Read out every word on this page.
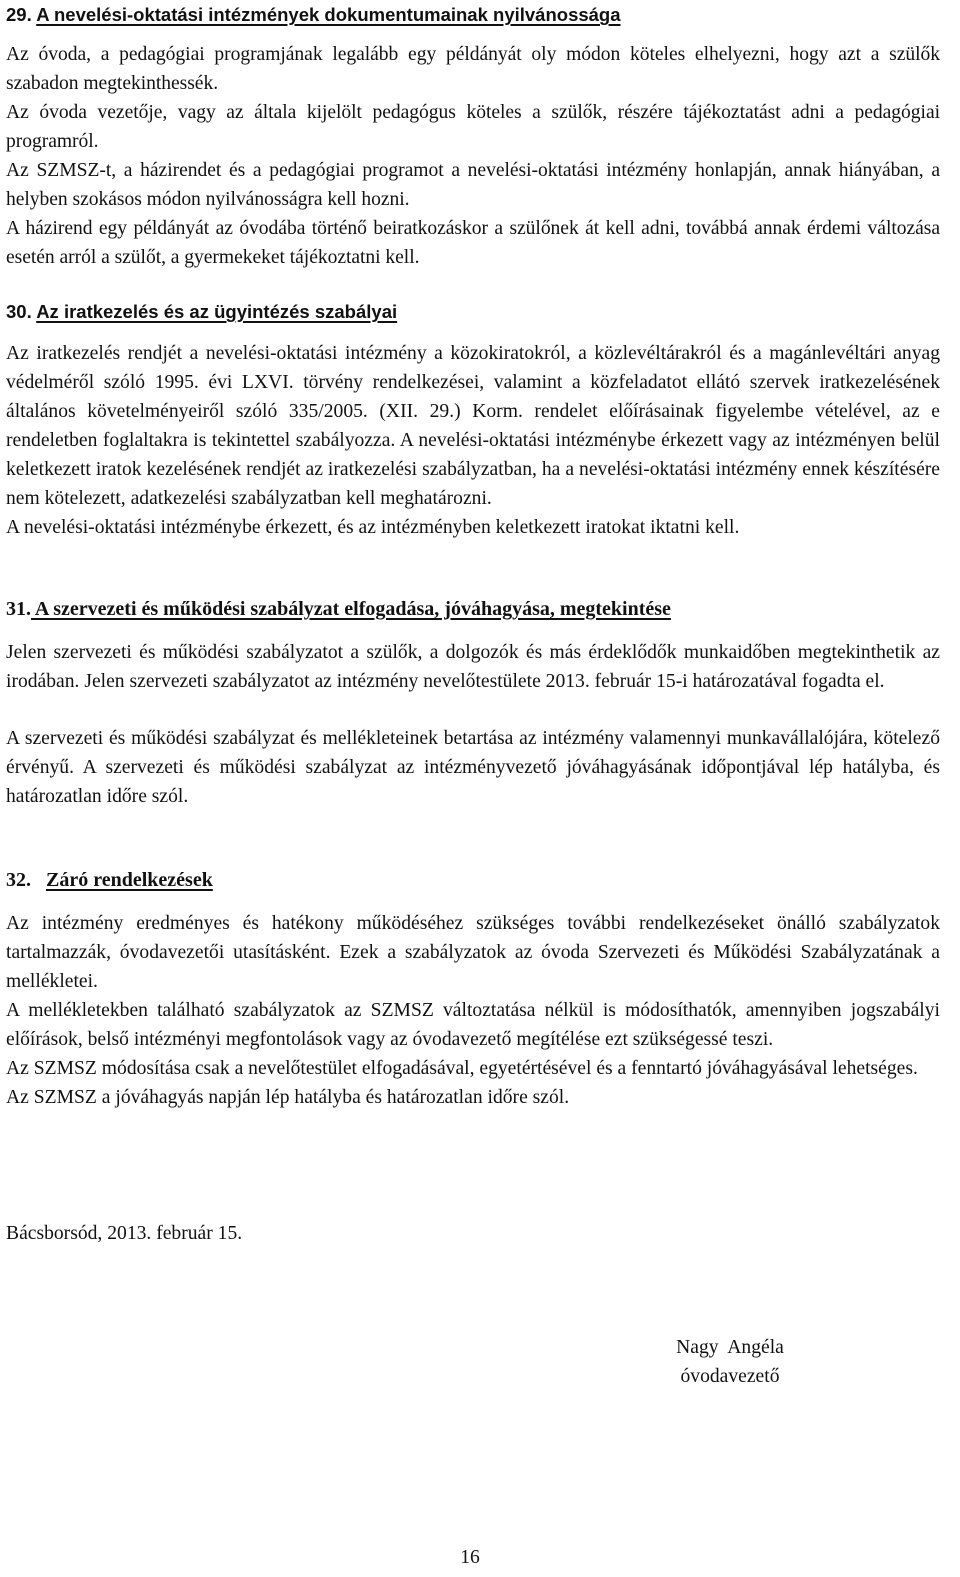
29. A nevelési-oktatási intézmények dokumentumainak nyilvánossága

Az óvoda, a pedagógiai programjának legalább egy példányát oly módon köteles elhelyezni, hogy azt a szülők szabadon megtekinthessék.

Az óvoda vezetője, vagy az általa kijelölt pedagógus köteles a szülők, részére tájékoztatást adni a pedagógiai programról.

Az SZMSZ-t, a házirendet és a pedagógiai programot a nevelési-oktatási intézmény honlapján, annak hiányában, a helyben szokásos módon nyilvánosságra kell hozni.

A házirend egy példányát az óvodába történő beiratkozáskor a szülőnek át kell adni, továbbá annak érdemi változása esetén arról a szülőt, a gyermekeket tájékoztatni kell.

30. Az iratkezelés és az ügyintézés szabályai

Az iratkezelés rendjét a nevelési-oktatási intézmény a közokiratokról, a közlevéltárakról és a magánlevéltári anyag védelméről szóló 1995. évi LXVI. törvény rendelkezései, valamint a közfeladatot ellátó szervek iratkezelésének általános követelményeiről szóló 335/2005. (XII. 29.) Korm. rendelet előírásainak figyelembe vételével, az e rendeletben foglaltakra is tekintettel szabályozza. A nevelési-oktatási intézménybe érkezett vagy az intézményen belül keletkezett iratok kezelésének rendjét az iratkezelési szabályzatban, ha a nevelési-oktatási intézmény ennek készítésére nem kötelezett, adatkezelési szabályzatban kell meghatározni.

A nevelési-oktatási intézménybe érkezett, és az intézményben keletkezett iratokat iktatni kell.

31. A szervezeti és működési szabályzat elfogadása, jóváhagyása, megtekintése

Jelen szervezeti és működési szabályzatot a szülők, a dolgozók és más érdeklődők munkaidőben megtekinthetik az irodában. Jelen szervezeti szabályzatot az intézmény nevelőtestülete 2013. február 15-i határozatával fogadta el.

A szervezeti és működési szabályzat és mellékleteinek betartása az intézmény valamennyi munkavállalójára, kötelező érvényű. A szervezeti és működési szabályzat az intézményvezető jóváhagyásának időpontjával lép hatályba, és határozatlan időre szól.

32. Záró rendelkezések

Az intézmény eredményes és hatékony működéséhez szükséges további rendelkezéseket önálló szabályzatok tartalmazzák, óvodavezetői utasításként. Ezek a szabályzatok az óvoda Szervezeti és Működési Szabályzatának a mellékletei.

A mellékletekben található szabályzatok az SZMSZ változtatása nélkül is módosíthatók, amennyiben jogszabályi előírások, belső intézményi megfontolások vagy az óvodavezető megítélése ezt szükségessé teszi.

Az SZMSZ módosítása csak a nevelőtestület elfogadásával, egyetértésével és a fenntartó jóváhagyásával lehetséges.

Az SZMSZ a jóváhagyás napján lép hatályba és határozatlan időre szól.

Bácsborsód, 2013. február 15.

Nagy  Angéla
óvodavezető
16
